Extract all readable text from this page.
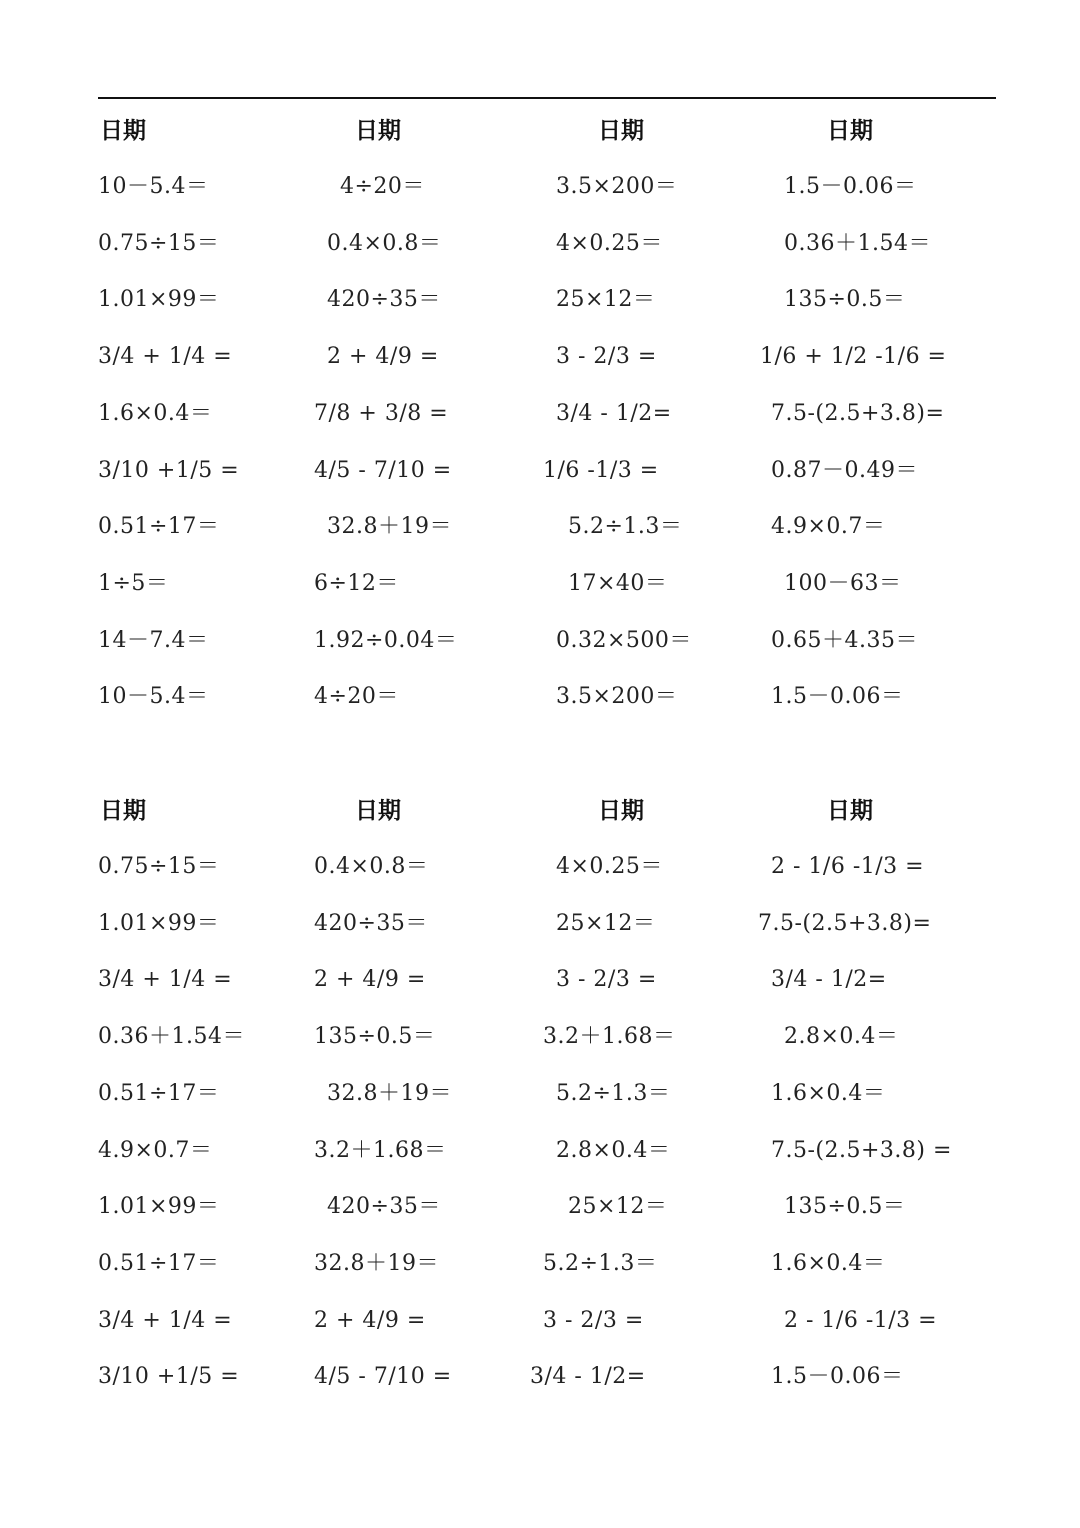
日期	日期	日期	日期
10－5.4＝	4÷20＝	3.5×200＝	1.5－0.06＝
0.75÷15＝	0.4×0.8＝	4×0.25＝	0.36＋1.54＝
1.01×99＝	420÷35＝	25×12＝	135÷0.5＝
3/4 + 1/4 =	2 + 4/9 =	3 - 2/3 =	1/6 + 1/2 -1/6 =
1.6×0.4＝	7/8 + 3/8 =	3/4 - 1/2=	7.5-(2.5+3.8)=
3/10 +1/5 =	4/5 - 7/10 =	1/6 -1/3 =	0.87－0.49＝
0.51÷17＝	32.8＋19＝	5.2÷1.3＝	4.9×0.7＝
1÷5＝	6÷12＝	17×40＝	100－63＝
14－7.4＝	1.92÷0.04＝	0.32×500＝	0.65＋4.35＝
10－5.4＝	4÷20＝	3.5×200＝	1.5－0.06＝
日期	日期	日期	日期
0.75÷15＝	0.4×0.8＝	4×0.25＝	2 - 1/6 -1/3 =
1.01×99＝	420÷35＝	25×12＝	7.5-(2.5+3.8)=
3/4 + 1/4 =	2 + 4/9 =	3 - 2/3 =	3/4 - 1/2=
0.36＋1.54＝	135÷0.5＝	3.2＋1.68＝	2.8×0.4＝
0.51÷17＝	32.8＋19＝	5.2÷1.3＝	1.6×0.4＝
4.9×0.7＝	3.2＋1.68＝	2.8×0.4＝	7.5-(2.5+3.8) =
1.01×99＝	420÷35＝	25×12＝	135÷0.5＝
0.51÷17＝	32.8＋19＝	5.2÷1.3＝	1.6×0.4＝
3/4 + 1/4 =	2 + 4/9 =	3 - 2/3 =	2 - 1/6 -1/3 =
3/10 +1/5 =	4/5 - 7/10 =	3/4 - 1/2=	1.5－0.06＝
